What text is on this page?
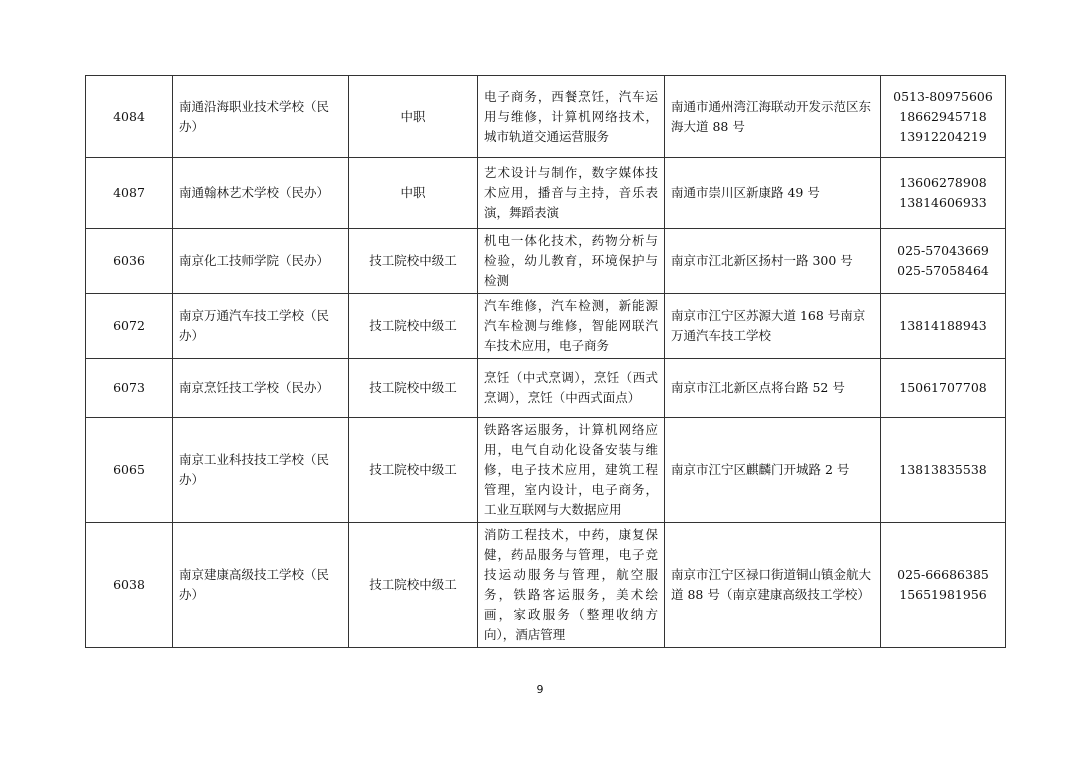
4084	南通沿海职业技术学校（民办）	中职	电子商务，西餐烹饪，汽车运用与维修，计算机网络技术，城市轨道交通运营服务	南通市通州湾江海联动开发示范区东海大道 88 号	0513-80975606
18662945718
13912204219

4087	南通翰林艺术学校（民办）	中职	艺术设计与制作，数字媒体技术应用，播音与主持，音乐表演，舞蹈表演	南通市崇川区新康路 49 号	13606278908
13814606933

6036	南京化工技师学院（民办）	技工院校中级工	机电一体化技术，药物分析与检验，幼儿教育，环境保护与检测	南京市江北新区扬村一路 300 号	025-57043669
025-57058464

6072	南京万通汽车技工学校（民办）	技工院校中级工	汽车维修，汽车检测，新能源汽车检测与维修，智能网联汽车技术应用，电子商务	南京市江宁区苏源大道 168 号南京万通汽车技工学校	13814188943

6073	南京烹饪技工学校（民办）	技工院校中级工	烹饪（中式烹调），烹饪（西式烹调），烹饪（中西式面点）	南京市江北新区点将台路 52 号	15061707708

6065	南京工业科技技工学校（民办）	技工院校中级工	铁路客运服务，计算机网络应用，电气自动化设备安装与维修，电子技术应用，建筑工程管理，室内设计，电子商务，工业互联网与大数据应用	南京市江宁区麒麟门开城路 2 号	13813835538

6038	南京建康高级技工学校（民办）	技工院校中级工	消防工程技术，中药，康复保健，药品服务与管理，电子竞技运动服务与管理，航空服务，铁路客运服务，美术绘画，家政服务（整理收纳方向），酒店管理	南京市江宁区禄口街道铜山镇金航大道 88 号（南京建康高级技工学校）	025-66686385
15651981956
9
